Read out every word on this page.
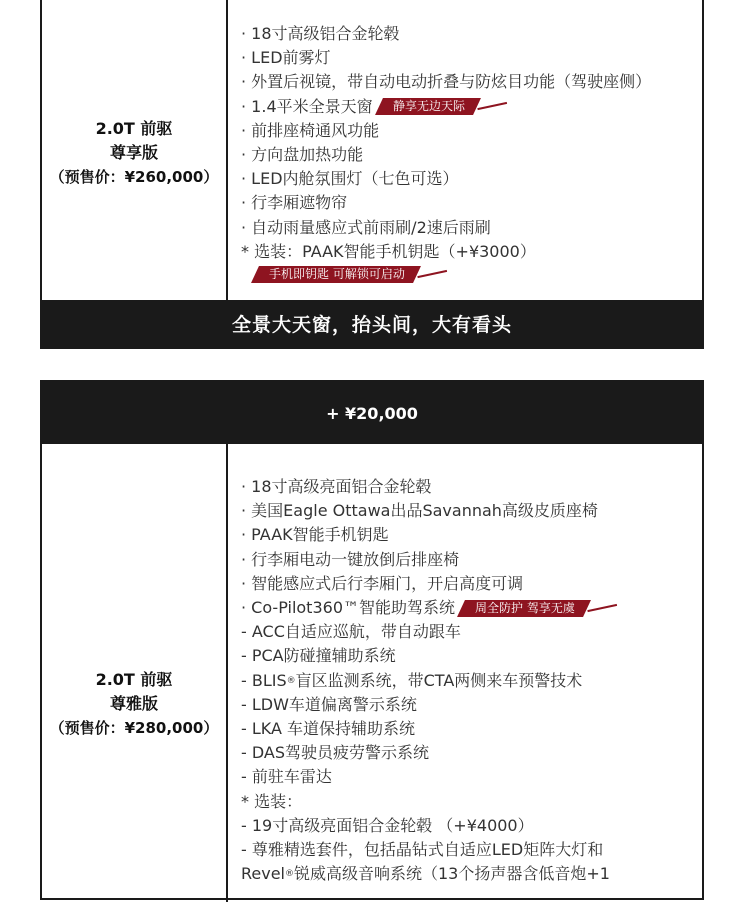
2.0T 前驱
尊享版
（预售价：¥260,000）
· 18寸高级铝合金轮毂
· LED前雾灯
· 外置后视镜，带自动电动折叠与防炫目功能（驾驶座侧）
· 1.4平米全景天窗 静享无边天际
· 前排座椅通风功能
· 方向盘加热功能
· LED内舱氛围灯（七色可选）
· 行李厢遮物帘
· 自动雨量感应式前雨刷/2速后雨刷
* 选装：PAAK智能手机钥匙（+¥3000）
手机即钥匙 可解锁可启动
全景大天窗，抬头间，大有看头
+ ¥20,000
2.0T 前驱
尊雅版
（预售价：¥280,000）
· 18寸高级亮面铝合金轮毂
· 美国Eagle Ottawa出品Savannah高级皮质座椅
· PAAK智能手机钥匙
· 行李厢电动一键放倒后排座椅
· 智能感应式后行李厢门，开启高度可调
· Co-Pilot360™智能助驾系统 周全防护 驾享无虞
- ACC自适应巡航，带自动跟车
- PCA防碰撞辅助系统
- BLIS ® 盲区监测系统，带CTA两侧来车预警技术
- LDW车道偏离警示系统
- LKA 车道保持辅助系统
- DAS驾驶员疲劳警示系统
- 前驻车雷达
* 选装：
- 19寸高级亮面铝合金轮毂 （+¥4000）
- 尊雅精选套件，包括晶钻式自适应LED矩阵大灯和
Revel ® 锐威高级音响系统（13个扬声器含低音炮+1
